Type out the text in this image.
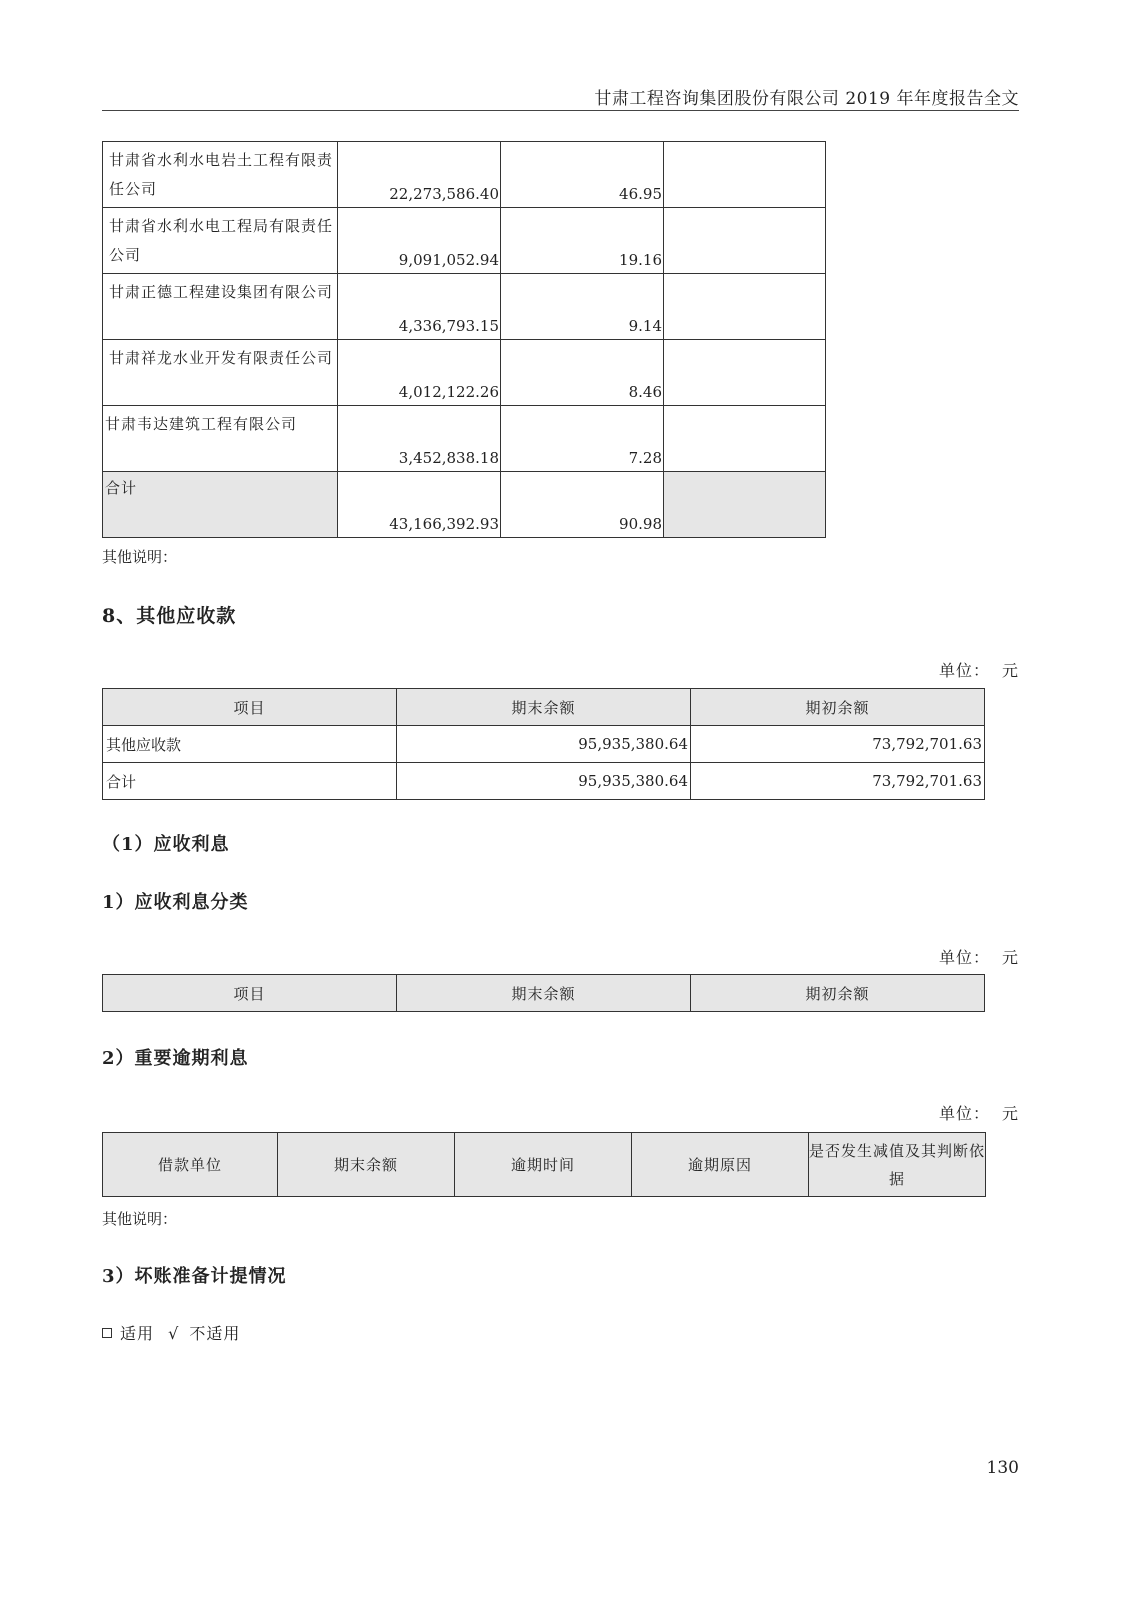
甘肃工程咨询集团股份有限公司 2019 年年度报告全文
甘肃省水利水电岩土工程有限责任公司	22,273,586.40	46.95	
甘肃省水利水电工程局有限责任公司	9,091,052.94	19.16	
甘肃正德工程建设集团有限公司	4,336,793.15	9.14	
甘肃祥龙水业开发有限责任公司	4,012,122.26	8.46	
甘肃韦达建筑工程有限公司	3,452,838.18	7.28	
合计	43,166,392.93	90.98	
其他说明：
8、其他应收款
单位： 元
项目	期末余额	期初余额
其他应收款	95,935,380.64	73,792,701.63
合计	95,935,380.64	73,792,701.63
（1）应收利息
1）应收利息分类
单位： 元
项目	期末余额	期初余额
2）重要逾期利息
单位： 元
借款单位	期末余额	逾期时间	逾期原因	是否发生减值及其判断依据
其他说明：
3）坏账准备计提情况
适用 √ 不适用
130
